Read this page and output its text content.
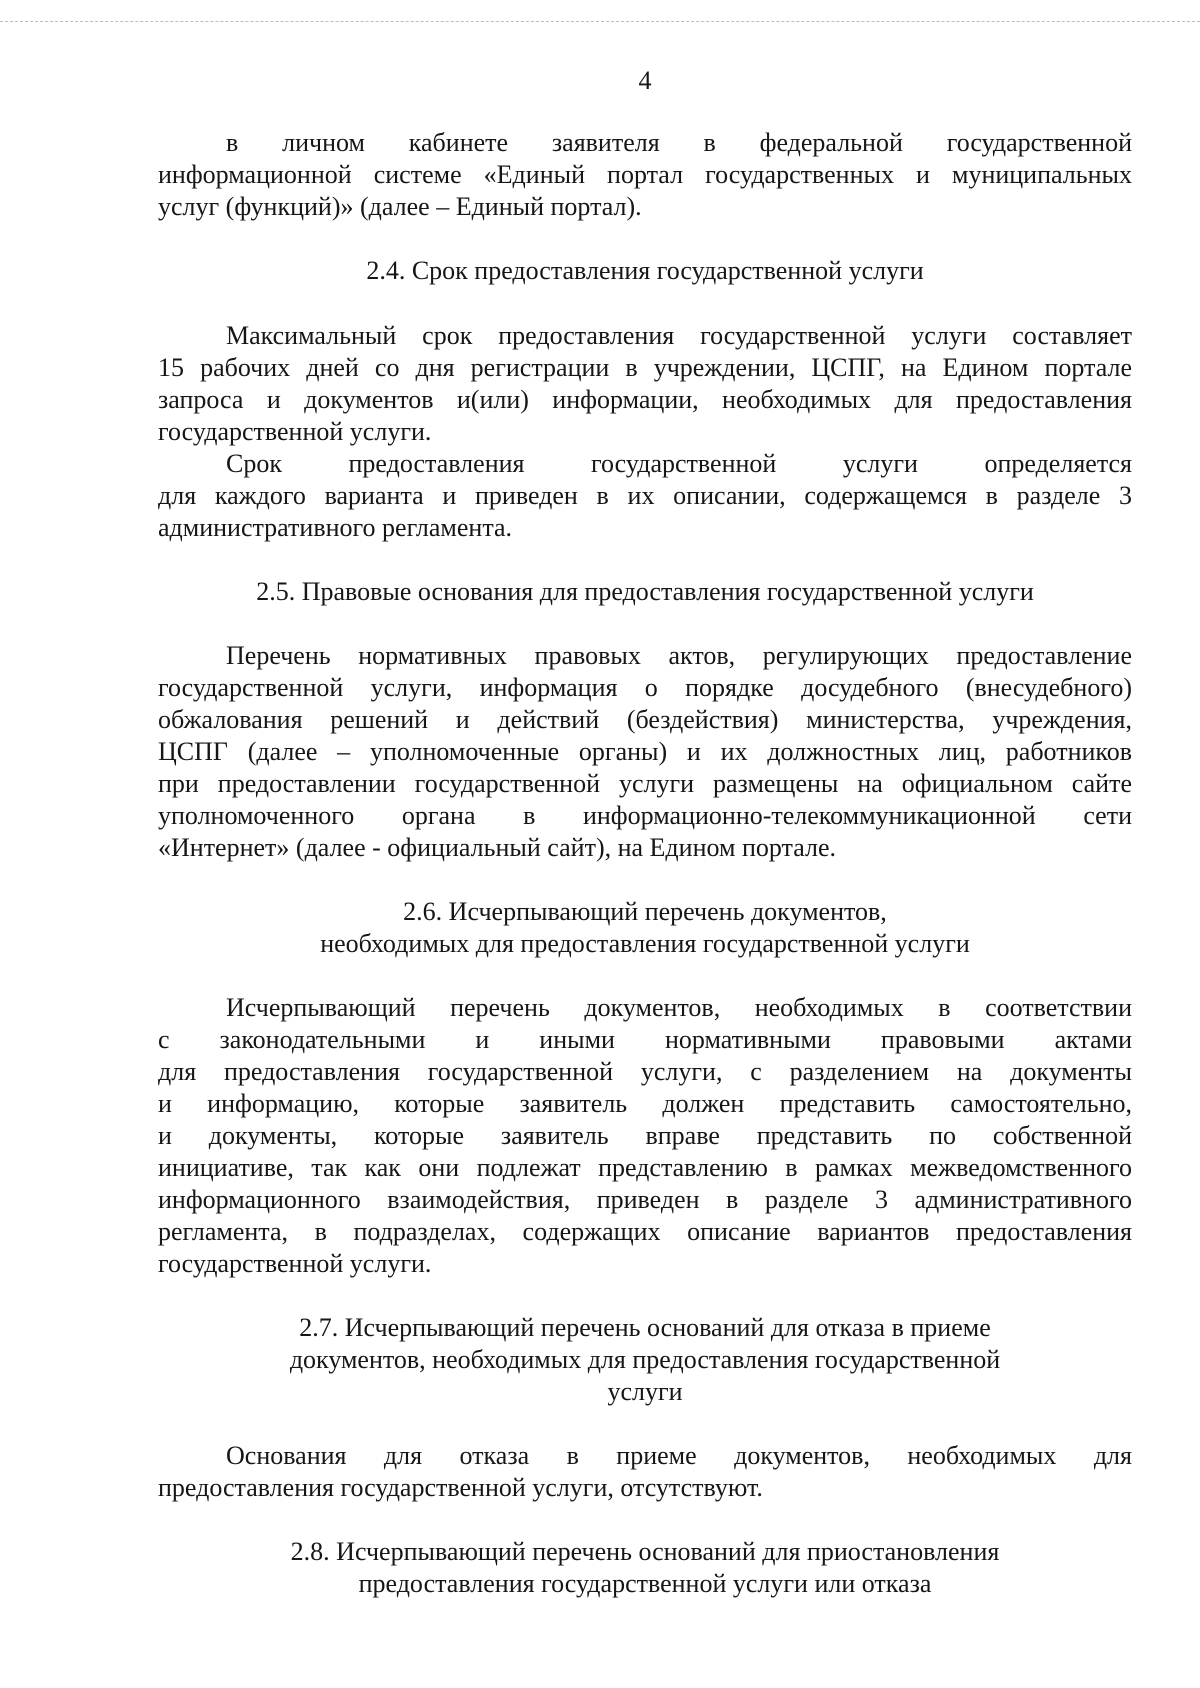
4
в личном кабинете заявителя в федеральной государственной
информационной системе «Единый портал государственных и муниципальных
услуг (функций)» (далее – Единый портал).
2.4. Срок предоставления государственной услуги
Максимальный срок предоставления государственной услуги составляет
15 рабочих дней со дня регистрации в учреждении, ЦСПГ, на Едином портале
запроса и документов и(или) информации, необходимых для предоставления
государственной услуги.
Срок предоставления государственной услуги определяется
для каждого варианта и приведен в их описании, содержащемся в разделе 3
административного регламента.
2.5. Правовые основания для предоставления государственной услуги
Перечень нормативных правовых актов, регулирующих предоставление
государственной услуги, информация о порядке досудебного (внесудебного)
обжалования решений и действий (бездействия) министерства, учреждения,
ЦСПГ (далее – уполномоченные органы) и их должностных лиц, работников
при предоставлении государственной услуги размещены на официальном сайте
уполномоченного органа в информационно-телекоммуникационной сети
«Интернет» (далее - официальный сайт), на Едином портале.
2.6. Исчерпывающий перечень документов,
необходимых для предоставления государственной услуги
Исчерпывающий перечень документов, необходимых в соответствии
с законодательными и иными нормативными правовыми актами
для предоставления государственной услуги, с разделением на документы
и информацию, которые заявитель должен представить самостоятельно,
и документы, которые заявитель вправе представить по собственной
инициативе, так как они подлежат представлению в рамках межведомственного
информационного взаимодействия, приведен в разделе 3 административного
регламента, в подразделах, содержащих описание вариантов предоставления
государственной услуги.
2.7. Исчерпывающий перечень оснований для отказа в приеме
документов, необходимых для предоставления государственной
услуги
Основания для отказа в приеме документов, необходимых для
предоставления государственной услуги, отсутствуют.
2.8. Исчерпывающий перечень оснований для приостановления
предоставления государственной услуги или отказа
